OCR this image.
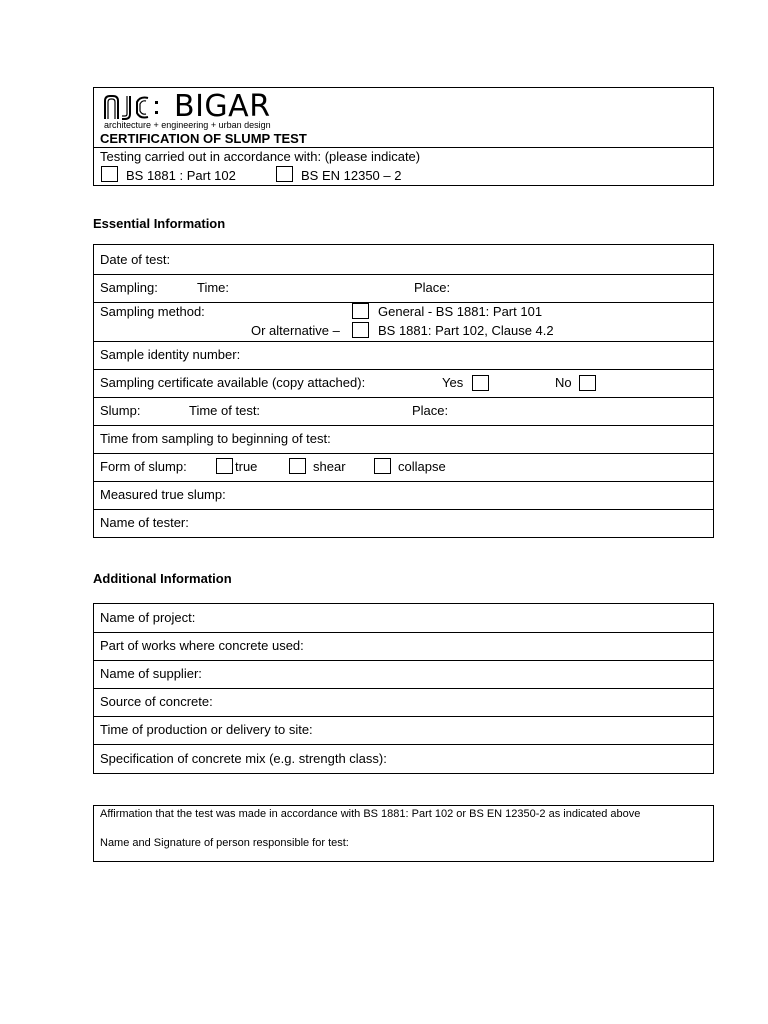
BIGAR
architecture + engineering + urban design
CERTIFICATION OF SLUMP TEST
Testing carried out in accordance with: (please indicate)
BS 1881 : Part 102	BS EN 12350 – 2
Essential Information
Date of test:
Sampling:	Time:	Place:
Sampling method:	General - BS 1881: Part 101
Or alternative –	BS 1881: Part 102, Clause 4.2
Sample identity number:
Sampling certificate available (copy attached):	Yes	No
Slump:	Time of test:	Place:
Time from sampling to beginning of test:
Form of slump:	true	shear	collapse
Measured true slump:
Name of tester:
Additional Information
Name of project:
Part of works where concrete used:
Name of supplier:
Source of concrete:
Time of production or delivery to site:
Specification of concrete mix (e.g. strength class):
Affirmation that the test was made in accordance with BS 1881: Part 102 or BS EN 12350-2 as indicated above
Name and Signature of person responsible for test:
